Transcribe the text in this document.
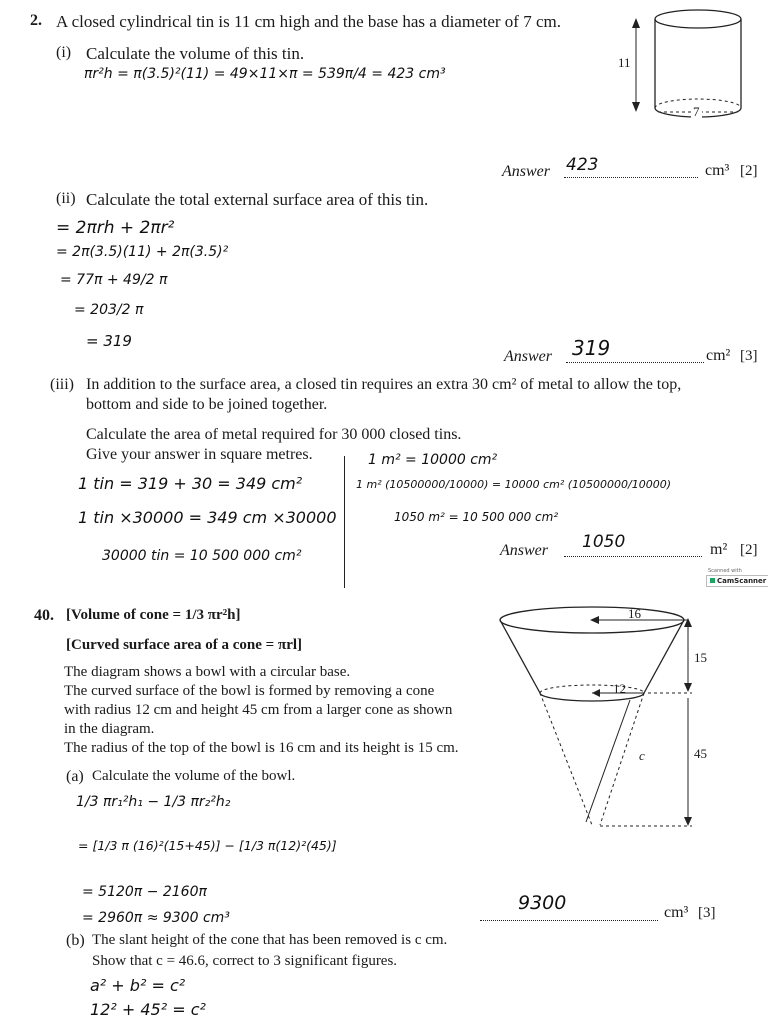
2. A closed cylindrical tin is 11 cm high and the base has a diameter of 7 cm.
11
7
(i) Calculate the volume of this tin.
πr²h = π(3.5)²(11) = 49×11×π = 539π/4 = 423 cm³
Answer 423	cm³ [2]
(ii) Calculate the total external surface area of this tin.
= 2πrh + 2πr²
= 2π(3.5)(11) + 2π(3.5)²
= 77π + 49/2 π
= 203/2 π
= 319
Answer 319	cm² [3]
(iii) In addition to the surface area, a closed tin requires an extra 30 cm² of metal to allow the top,
bottom and side to be joined together.
Calculate the area of metal required for 30 000 closed tins.
Give your answer in square metres.
1 tin = 319 + 30 = 349 cm²
1 tin ×30000 = 349 cm ×30000
30000 tin = 10 500 000 cm²
1 m² = 10000 cm²
1 m² (10500000/10000) = 10000 cm² (10500000/10000)
1050 m² = 10 500 000 cm²
Answer 1050	m² [2]
Scanned with
CamScanner
40. [Volume of cone = 1/3 πr²h]
[Curved surface area of a cone = πrl]
The diagram shows a bowl with a circular base.
The curved surface of the bowl is formed by removing a cone
with radius 12 cm and height 45 cm from a larger cone as shown
in the diagram.
The radius of the top of the bowl is 16 cm and its height is 15 cm.
16
12
15
45
c
(a) Calculate the volume of the bowl.
1/3 πr₁²h₁ − 1/3 πr₂²h₂
= [1/3 π (16)²(15+45)] − [1/3 π(12)²(45)]
= 5120π − 2160π
= 2960π ≈ 9300 cm³
9300	cm³ [3]
(b) The slant height of the cone that has been removed is c cm.
Show that c = 46.6, correct to 3 significant figures.
a² + b² = c²
12² + 45² = c²
